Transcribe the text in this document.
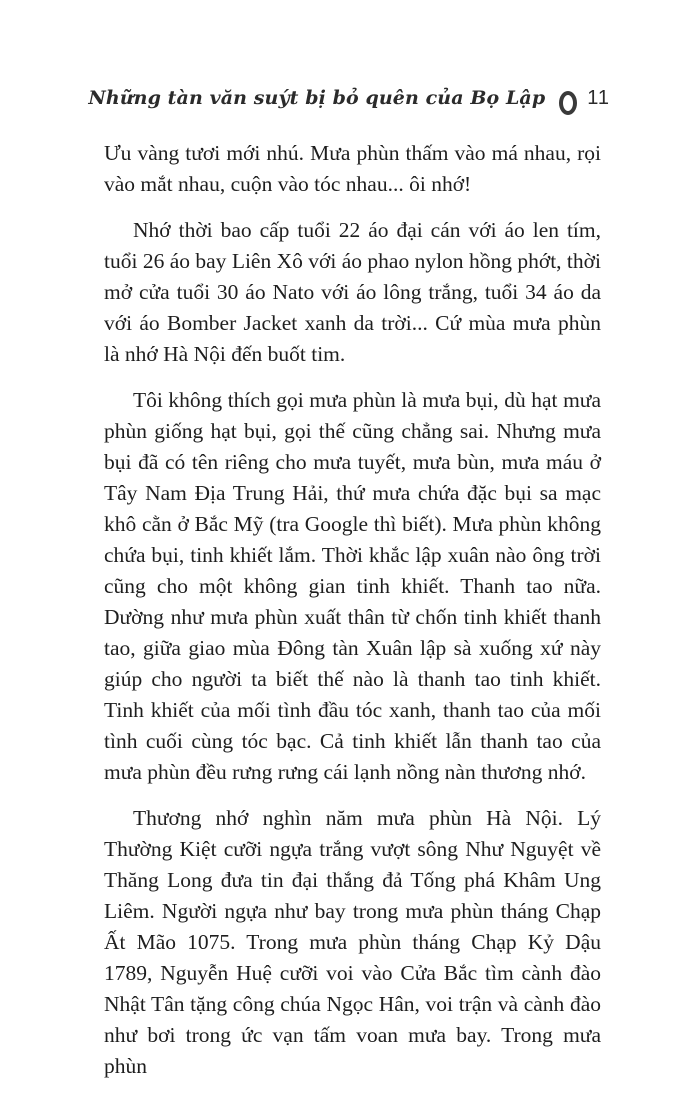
Những tàn văn suýt bị bỏ quên của Bọ Lập 11

Ưu vàng tươi mới nhú. Mưa phùn thấm vào má nhau, rọi vào mắt nhau, cuộn vào tóc nhau... ôi nhớ!

Nhớ thời bao cấp tuổi 22 áo đại cán với áo len tím, tuổi 26 áo bay Liên Xô với áo phao nylon hồng phớt, thời mở cửa tuổi 30 áo Nato với áo lông trắng, tuổi 34 áo da với áo Bomber Jacket xanh da trời... Cứ mùa mưa phùn là nhớ Hà Nội đến buốt tim.

Tôi không thích gọi mưa phùn là mưa bụi, dù hạt mưa phùn giống hạt bụi, gọi thế cũng chẳng sai. Nhưng mưa bụi đã có tên riêng cho mưa tuyết, mưa bùn, mưa máu ở Tây Nam Địa Trung Hải, thứ mưa chứa đặc bụi sa mạc khô cằn ở Bắc Mỹ (tra Google thì biết). Mưa phùn không chứa bụi, tinh khiết lắm. Thời khắc lập xuân nào ông trời cũng cho một không gian tinh khiết. Thanh tao nữa. Dường như mưa phùn xuất thân từ chốn tinh khiết thanh tao, giữa giao mùa Đông tàn Xuân lập sà xuống xứ này giúp cho người ta biết thế nào là thanh tao tinh khiết. Tinh khiết của mối tình đầu tóc xanh, thanh tao của mối tình cuối cùng tóc bạc. Cả tinh khiết lẫn thanh tao của mưa phùn đều rưng rưng cái lạnh nồng nàn thương nhớ.

Thương nhớ nghìn năm mưa phùn Hà Nội. Lý Thường Kiệt cưỡi ngựa trắng vượt sông Như Nguyệt về Thăng Long đưa tin đại thắng đả Tống phá Khâm Ung Liêm. Người ngựa như bay trong mưa phùn tháng Chạp Ất Mão 1075. Trong mưa phùn tháng Chạp Kỷ Dậu 1789, Nguyễn Huệ cưỡi voi vào Cửa Bắc tìm cành đào Nhật Tân tặng công chúa Ngọc Hân, voi trận và cành đào như bơi trong ức vạn tấm voan mưa bay. Trong mưa phùn
